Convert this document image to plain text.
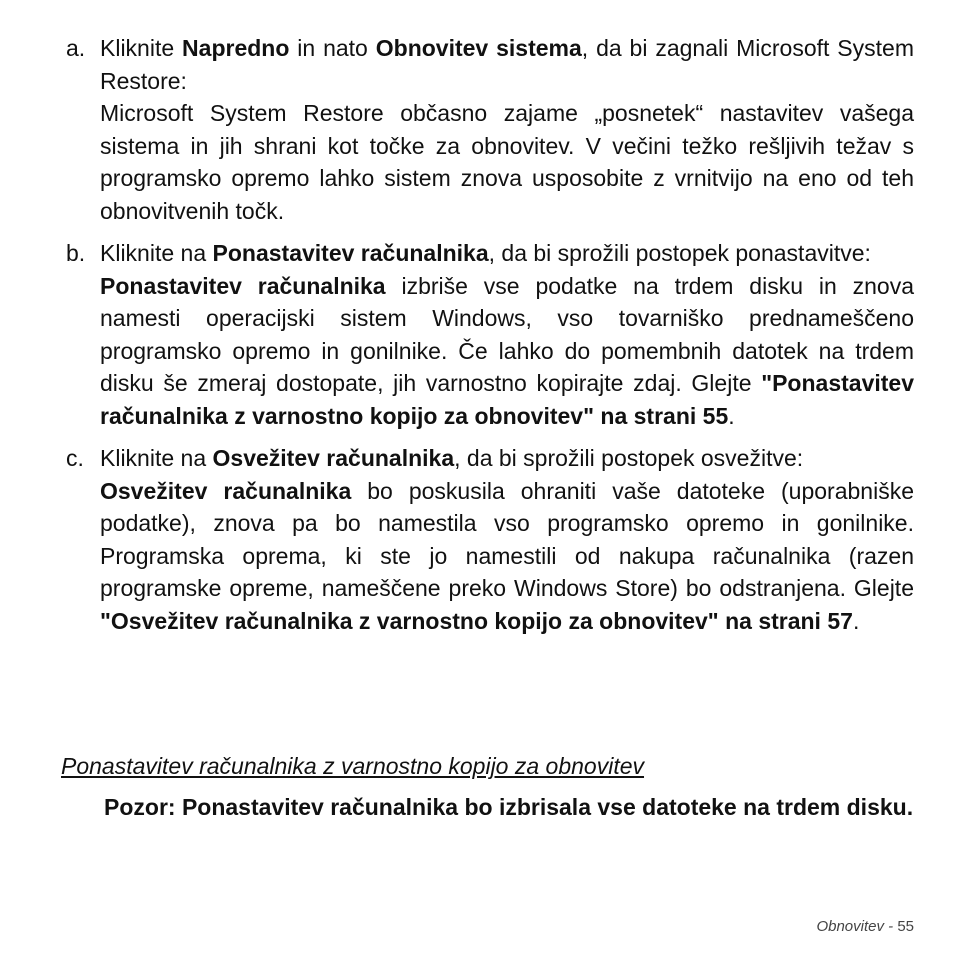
a. Kliknite Napredno in nato Obnovitev sistema, da bi zagnali Microsoft System Restore:

Microsoft System Restore občasno zajame „posnetek“ nastavitev vašega sistema in jih shrani kot točke za obnovitev. V večini težko rešljivih težav s programsko opremo lahko sistem znova usposobite z vrnitvijo na eno od teh obnovitvenih točk.

b. Kliknite na Ponastavitev računalnika, da bi sprožili postopek ponastavitve:

Ponastavitev računalnika izbriše vse podatke na trdem disku in znova namesti operacijski sistem Windows, vso tovarniško prednameščeno programsko opremo in gonilnike. Če lahko do pomembnih datotek na trdem disku še zmeraj dostopate, jih varnostno kopirajte zdaj. Glejte "Ponastavitev računalnika z varnostno kopijo za obnovitev" na strani 55.

c. Kliknite na Osvežitev računalnika, da bi sprožili postopek osvežitve:

Osvežitev računalnika bo poskusila ohraniti vaše datoteke (uporabniške podatke), znova pa bo namestila vso programsko opremo in gonilnike. Programska oprema, ki ste jo namestili od nakupa računalnika (razen programske opreme, nameščene preko Windows Store) bo odstranjena. Glejte "Osvežitev računalnika z varnostno kopijo za obnovitev" na strani 57.

Ponastavitev računalnika z varnostno kopijo za obnovitev

Pozor: Ponastavitev računalnika bo izbrisala vse datoteke na trdem disku.

Obnovitev - 55
